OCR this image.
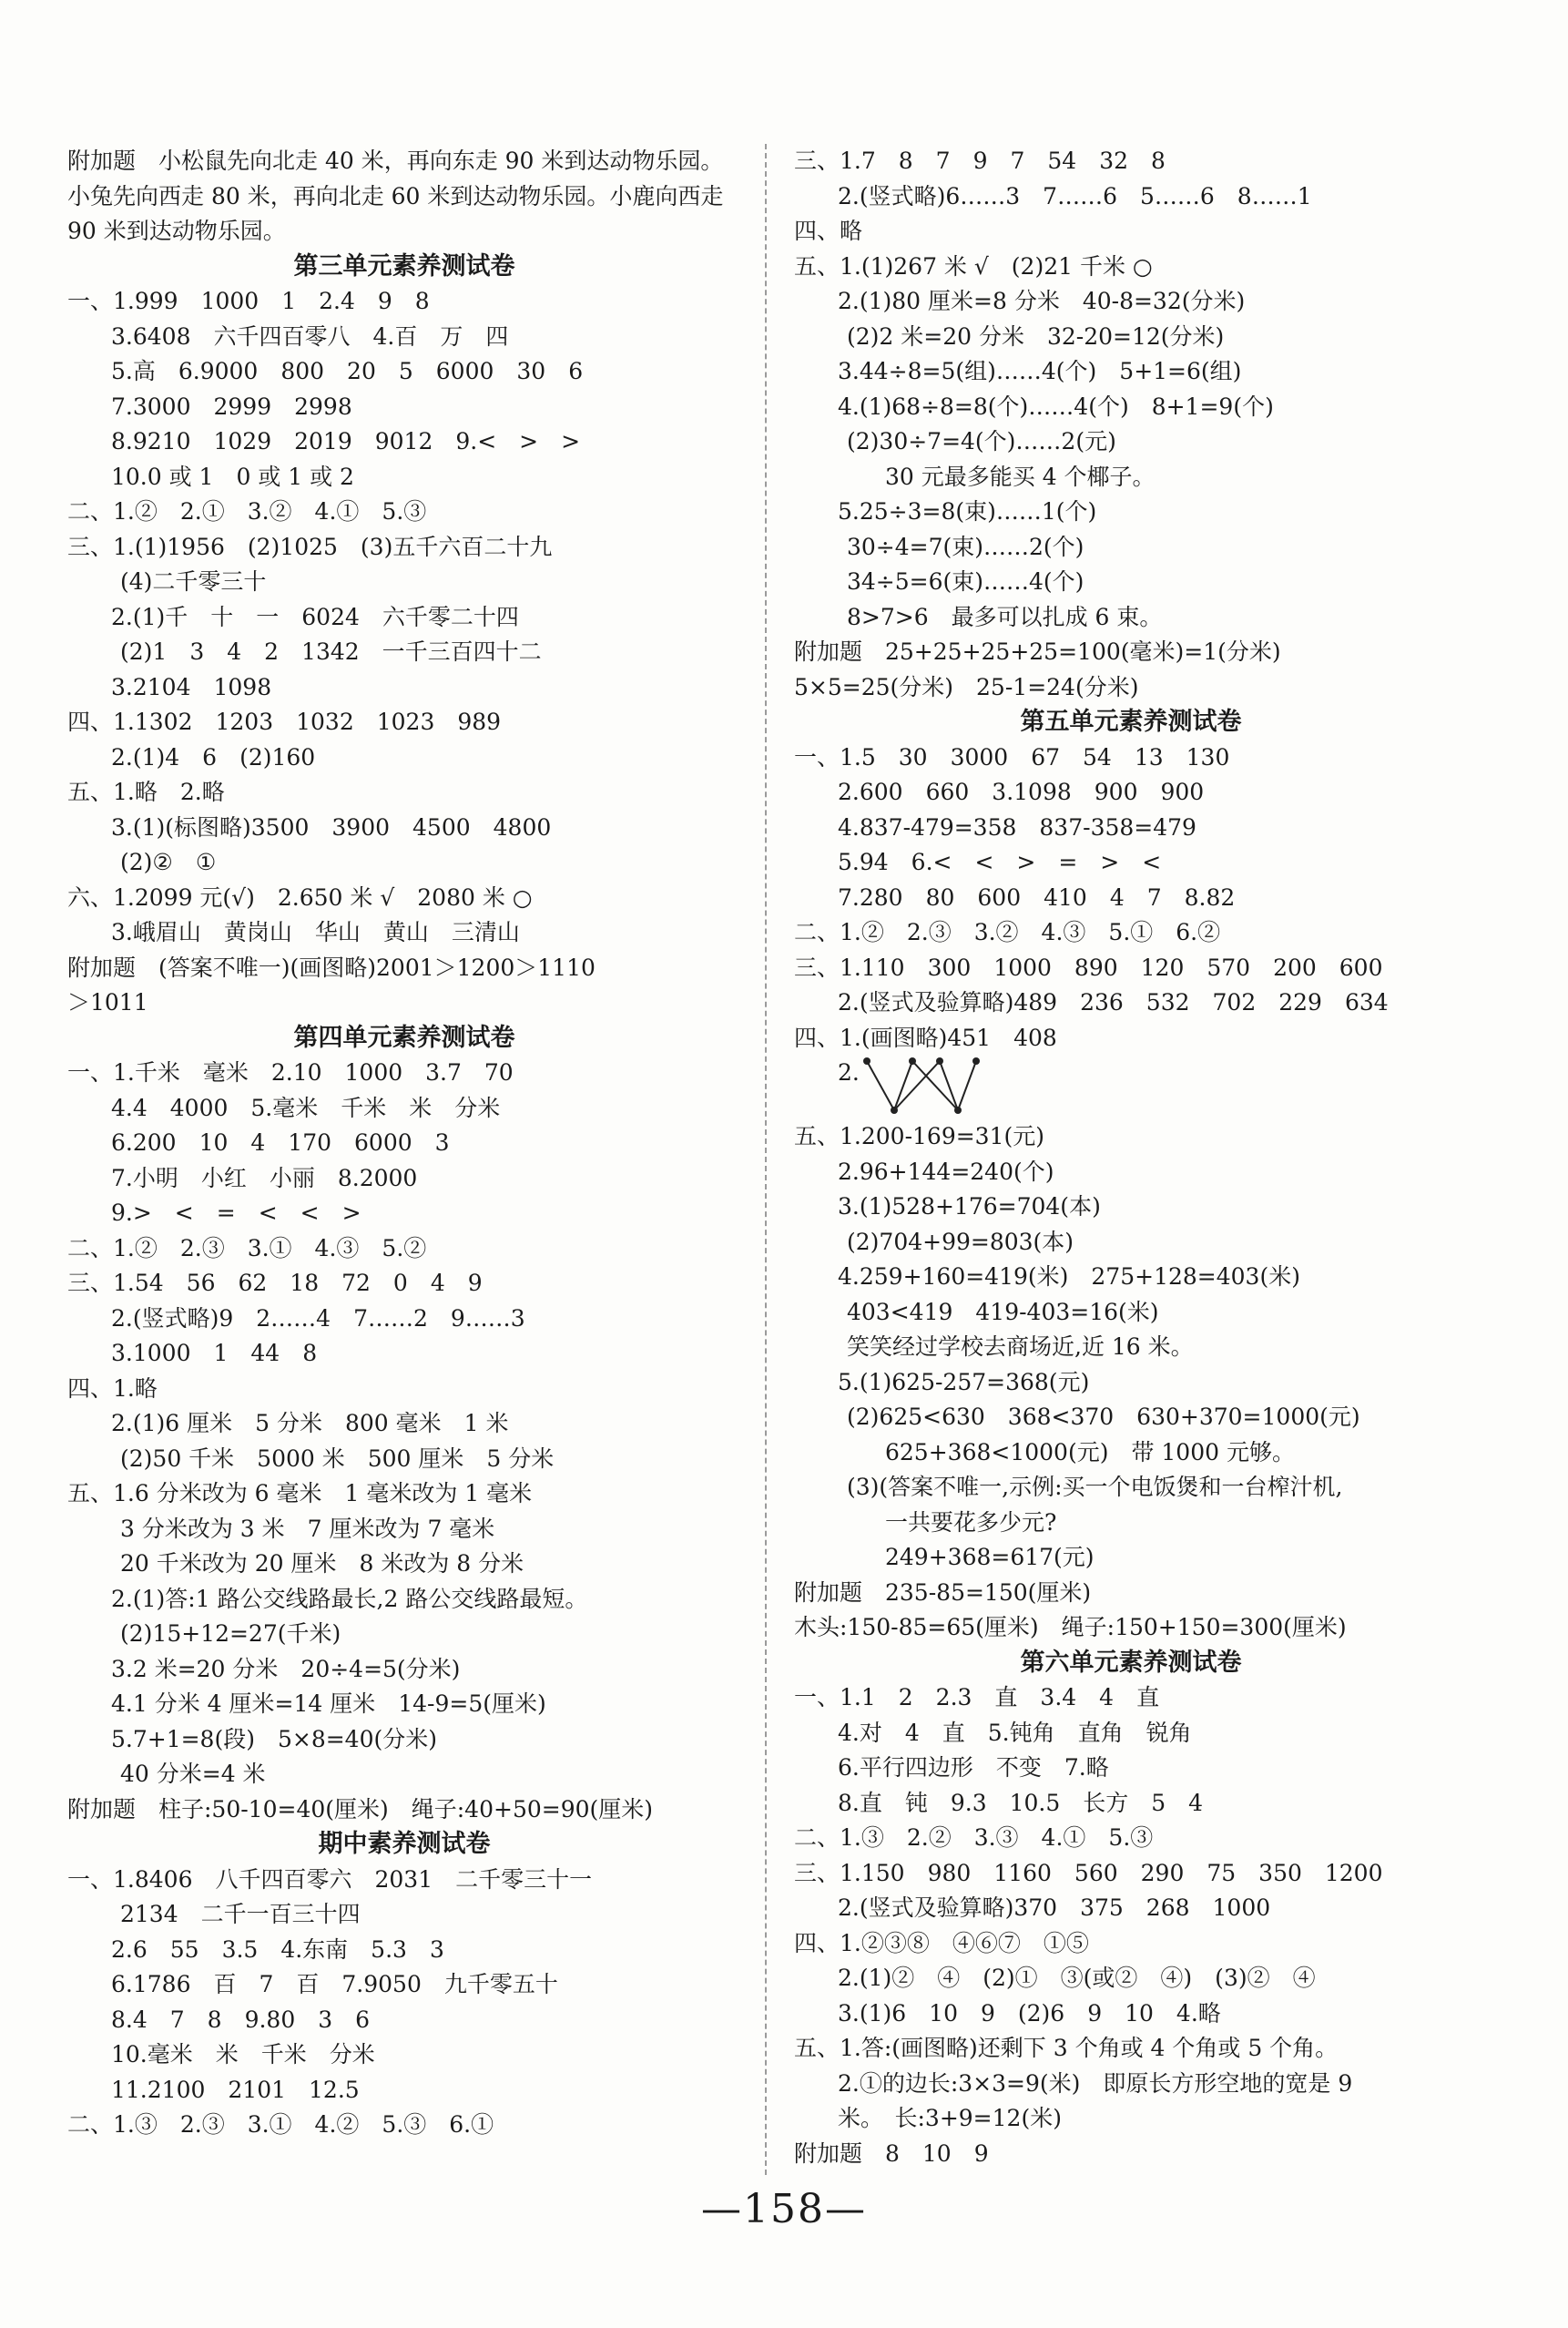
附加题　小松鼠先向北走 40 米，再向东走 90 米到达动物乐园。小兔先向西走 80 米，再向北走 60 米到达动物乐园。小鹿向西走 90 米到达动物乐园。
第三单元素养测试卷
一、1.999　1000　1　2.4　9　8
3.6408　六千四百零八　4.百　万　四
5.高　6.9000　800　20　5　6000　30　6
7.3000　2999　2998
8.9210　1029　2019　9012　9.<　>　>
10.0 或 1　0 或 1 或 2
二、1.②　2.①　3.②　4.①　5.③
三、1.(1)1956　(2)1025　(3)五千六百二十九
(4)二千零三十
2.(1)千　十　一　6024　六千零二十四
(2)1　3　4　2　1342　一千三百四十二
3.2104　1098
四、1.1302　1203　1032　1023　989
2.(1)4　6　(2)160
五、1.略　2.略
3.(1)(标图略)3500　3900　4500　4800
(2)②　①
六、1.2099 元(√)　2.650 米 √　2080 米 ○
3.峨眉山　黄岗山　华山　黄山　三清山
附加题　(答案不唯一)(画图略)2001＞1200＞1110
＞1011
第四单元素养测试卷
一、1.千米　毫米　2.10　1000　3.7　70
4.4　4000　5.毫米　千米　米　分米
6.200　10　4　170　6000　3
7.小明　小红　小丽　8.2000
9.>　<　=　<　<　>
二、1.②　2.③　3.①　4.③　5.②
三、1.54　56　62　18　72　0　4　9
2.(竖式略)9　2……4　7……2　9……3
3.1000　1　44　8
四、1.略
2.(1)6 厘米　5 分米　800 毫米　1 米
(2)50 千米　5000 米　500 厘米　5 分米
五、1.6 分米改为 6 毫米　1 毫米改为 1 毫米
3 分米改为 3 米　7 厘米改为 7 毫米
20 千米改为 20 厘米　8 米改为 8 分米
2.(1)答:1 路公交线路最长,2 路公交线路最短。
(2)15+12=27(千米)
3.2 米=20 分米　20÷4=5(分米)
4.1 分米 4 厘米=14 厘米　14-9=5(厘米)
5.7+1=8(段)　5×8=40(分米)
40 分米=4 米
附加题　柱子:50-10=40(厘米)　绳子:40+50=90(厘米)
期中素养测试卷
一、1.8406　八千四百零六　2031　二千零三十一
2134　二千一百三十四
2.6　55　3.5　4.东南　5.3　3
6.1786　百　7　百　7.9050　九千零五十
8.4　7　8　9.80　3　6
10.毫米　米　千米　分米
11.2100　2101　12.5
二、1.③　2.③　3.①　4.②　5.③　6.①
三、1.7　8　7　9　7　54　32　8
2.(竖式略)6……3　7……6　5……6　8……1
四、略
五、1.(1)267 米 √　(2)21 千米 ○
2.(1)80 厘米=8 分米　40-8=32(分米)
(2)2 米=20 分米　32-20=12(分米)
3.44÷8=5(组)……4(个)　5+1=6(组)
4.(1)68÷8=8(个)……4(个)　8+1=9(个)
(2)30÷7=4(个)……2(元)
30 元最多能买 4 个椰子。
5.25÷3=8(束)……1(个)
30÷4=7(束)……2(个)
34÷5=6(束)……4(个)
8>7>6　最多可以扎成 6 束。
附加题　25+25+25+25=100(毫米)=1(分米)
5×5=25(分米)　25-1=24(分米)
第五单元素养测试卷
一、1.5　30　3000　67　54　13　130
2.600　660　3.1098　900　900
4.837-479=358　837-358=479
5.94　6.<　<　>　=　>　<
7.280　80　600　410　4　7　8.82
二、1.②　2.③　3.②　4.③　5.①　6.②
三、1.110　300　1000　890　120　570　200　600
2.(竖式及验算略)489　236　532　702　229　634
四、1.(画图略)451　408
2.
五、1.200-169=31(元)
2.96+144=240(个)
3.(1)528+176=704(本)
(2)704+99=803(本)
4.259+160=419(米)　275+128=403(米)
403<419　419-403=16(米)
笑笑经过学校去商场近,近 16 米。
5.(1)625-257=368(元)
(2)625<630　368<370　630+370=1000(元)
625+368<1000(元)　带 1000 元够。
(3)(答案不唯一,示例:买一个电饭煲和一台榨汁机,
一共要花多少元?
249+368=617(元)
附加题　235-85=150(厘米)
木头:150-85=65(厘米)　绳子:150+150=300(厘米)
第六单元素养测试卷
一、1.1　2　2.3　直　3.4　4　直
4.对　4　直　5.钝角　直角　锐角
6.平行四边形　不变　7.略
8.直　钝　9.3　10.5　长方　5　4
二、1.③　2.②　3.③　4.①　5.③
三、1.150　980　1160　560　290　75　350　1200
2.(竖式及验算略)370　375　268　1000
四、1.②③⑧　④⑥⑦　①⑤
2.(1)②　④　(2)①　③(或②　④)　(3)②　④
3.(1)6　10　9　(2)6　9　10　4.略
五、1.答:(画图略)还剩下 3 个角或 4 个角或 5 个角。
2.①的边长:3×3=9(米)　即原长方形空地的宽是 9
米。　长:3+9=12(米)
附加题　8　10　9
—158—
